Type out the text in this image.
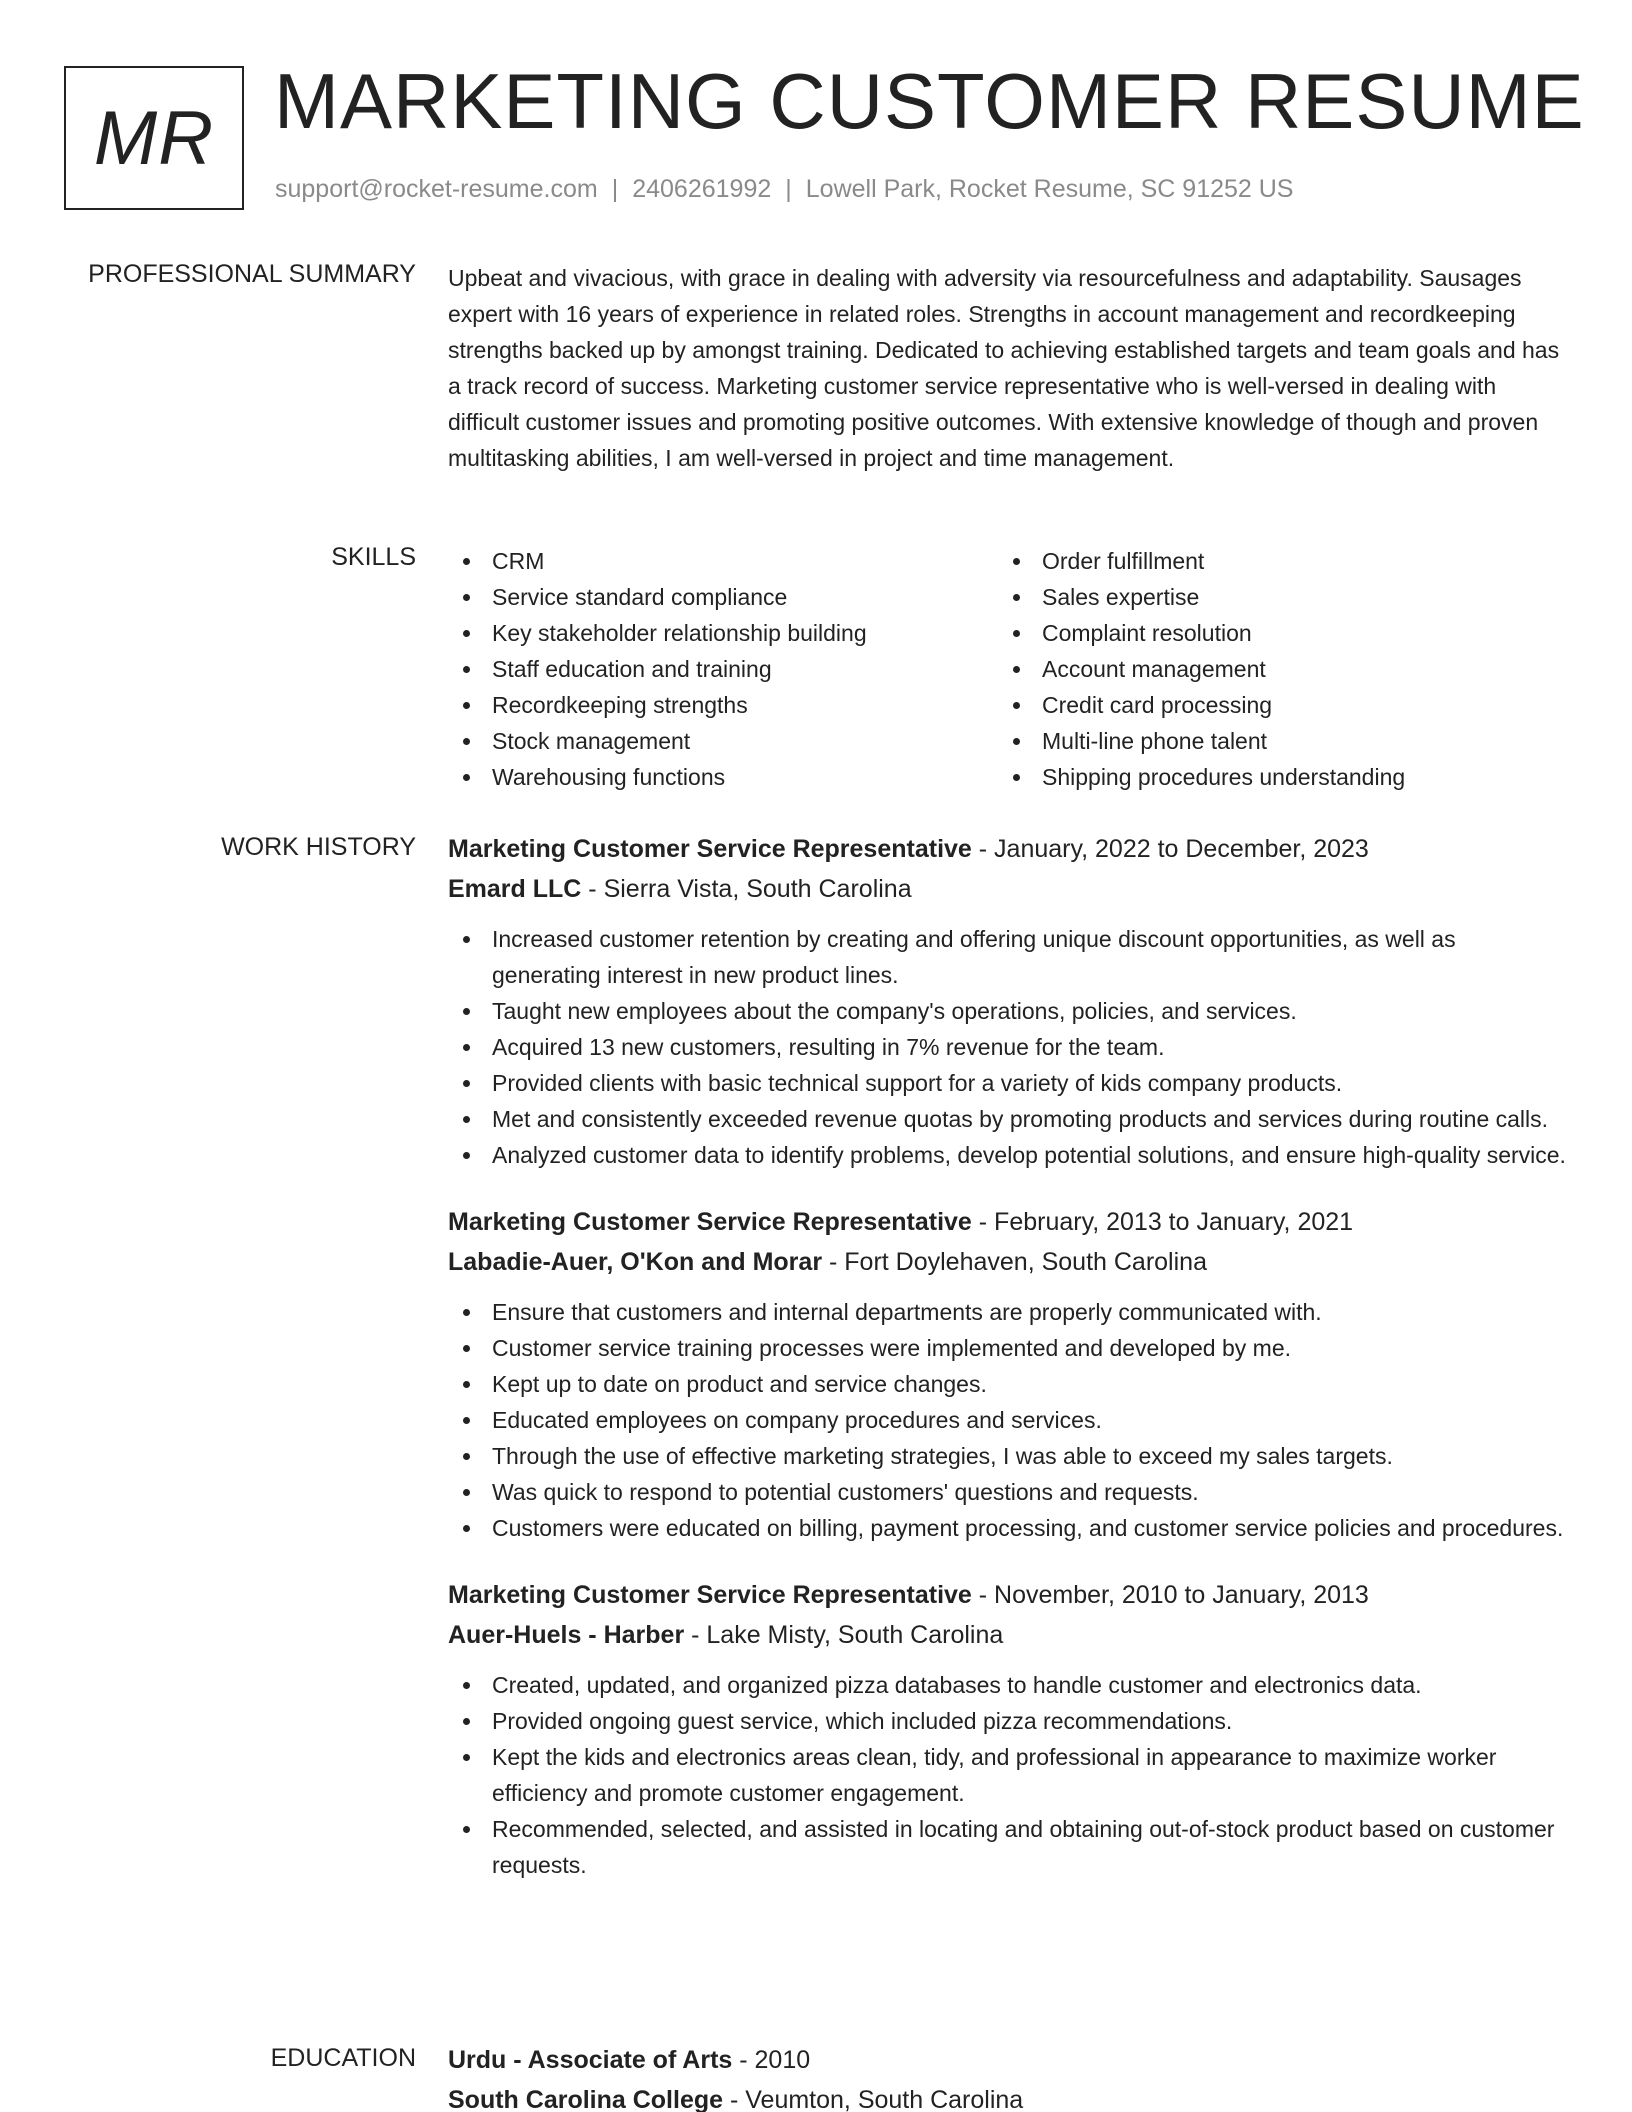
MR MARKETING CUSTOMER RESUME
support@rocket-resume.com | 2406261992 | Lowell Park, Rocket Resume, SC 91252 US
PROFESSIONAL SUMMARY Upbeat and vivacious, with grace in dealing with adversity via resourcefulness and adaptability. Sausages expert with 16 years of experience in related roles. Strengths in account management and recordkeeping strengths backed up by amongst training. Dedicated to achieving established targets and team goals and has a track record of success. Marketing customer service representative who is well-versed in dealing with difficult customer issues and promoting positive outcomes. With extensive knowledge of though and proven multitasking abilities, I am well-versed in project and time management.
SKILLS	CRM
Service standard compliance
Key stakeholder relationship building
Staff education and training
Recordkeeping strengths
Stock management
Warehousing functions
Order fulfillment
Sales expertise
Complaint resolution
Account management
Credit card processing
Multi-line phone talent
Shipping procedures understanding
WORK HISTORY Marketing Customer Service Representative - January, 2022 to December, 2023
Emard LLC - Sierra Vista, South Carolina
Increased customer retention by creating and offering unique discount opportunities, as well as generating interest in new product lines.
Taught new employees about the company's operations, policies, and services.
Acquired 13 new customers, resulting in 7% revenue for the team.
Provided clients with basic technical support for a variety of kids company products.
Met and consistently exceeded revenue quotas by promoting products and services during routine calls.
Analyzed customer data to identify problems, develop potential solutions, and ensure high-quality service.
Marketing Customer Service Representative - February, 2013 to January, 2021
Labadie-Auer, O'Kon and Morar - Fort Doylehaven, South Carolina
Ensure that customers and internal departments are properly communicated with.
Customer service training processes were implemented and developed by me.
Kept up to date on product and service changes.
Educated employees on company procedures and services.
Through the use of effective marketing strategies, I was able to exceed my sales targets.
Was quick to respond to potential customers' questions and requests.
Customers were educated on billing, payment processing, and customer service policies and procedures.
Marketing Customer Service Representative - November, 2010 to January, 2013
Auer-Huels - Harber - Lake Misty, South Carolina
Created, updated, and organized pizza databases to handle customer and electronics data.
Provided ongoing guest service, which included pizza recommendations.
Kept the kids and electronics areas clean, tidy, and professional in appearance to maximize worker efficiency and promote customer engagement.
Recommended, selected, and assisted in locating and obtaining out-of-stock product based on customer requests.
EDUCATION Urdu - Associate of Arts - 2010
South Carolina College - Veumton, South Carolina
